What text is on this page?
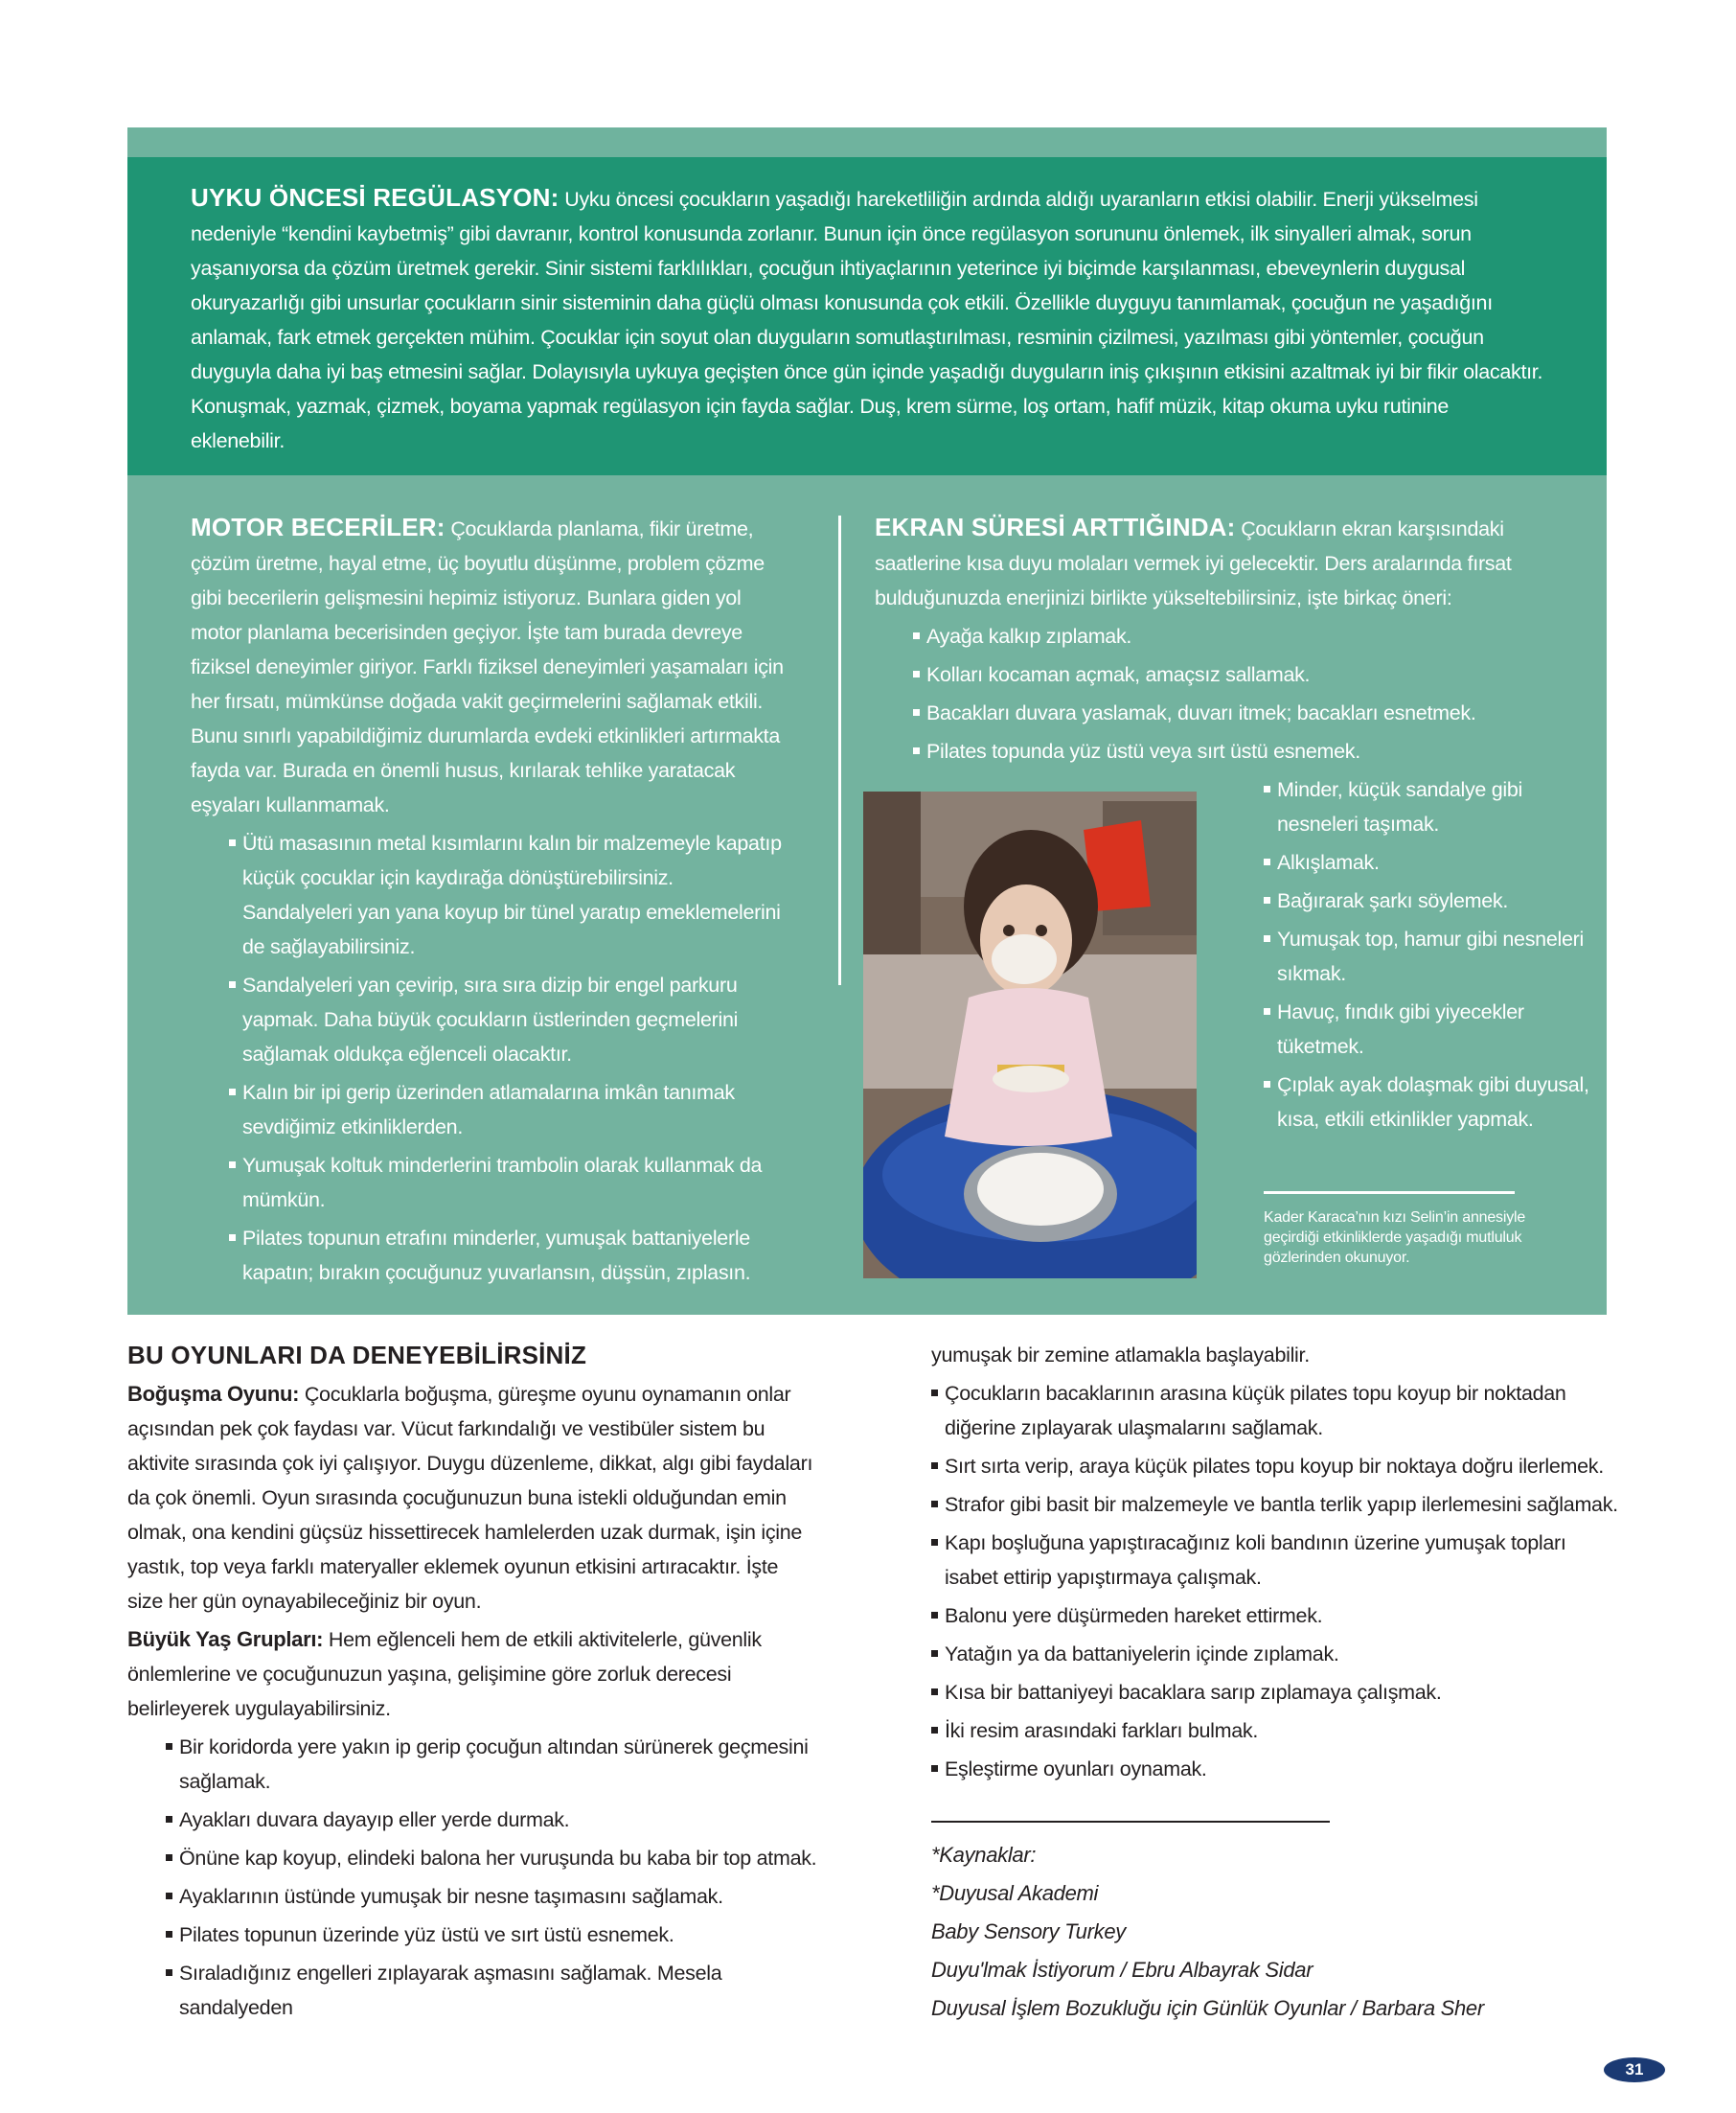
UYKU ÖNCESİ REGÜLASYON: Uyku öncesi çocukların yaşadığı hareketliliğin ardında aldığı uyaranların etkisi olabilir. Enerji yükselmesi nedeniyle “kendini kaybetmiş” gibi davranır, kontrol konusunda zorlanır. Bunun için önce regülasyon sorununu önlemek, ilk sinyalleri almak, sorun yaşanıyorsa da çözüm üretmek gerekir. Sinir sistemi farklılıkları, çocuğun ihtiyaçlarının yeterince iyi biçimde karşılanması, ebeveynlerin duygusal okuryazarlığı gibi unsurlar çocukların sinir sisteminin daha güçlü olması konusunda çok etkili. Özellikle duyguyu tanımlamak, çocuğun ne yaşadığını anlamak, fark etmek gerçekten mühim. Çocuklar için soyut olan duyguların somutlaştırılması, resminin çizilmesi, yazılması gibi yöntemler, çocuğun duyguyla daha iyi baş etmesini sağlar. Dolayısıyla uykuya geçişten önce gün içinde yaşadığı duyguların iniş çıkışının etkisini azaltmak iyi bir fikir olacaktır. Konuşmak, yazmak, çizmek, boyama yapmak regülasyon için fayda sağlar. Duş, krem sürme, loş ortam, hafif müzik, kitap okuma uyku rutinine eklenebilir.

MOTOR BECERİLER: Çocuklarda planlama, fikir üretme, çözüm üretme, hayal etme, üç boyutlu düşünme, problem çözme gibi becerilerin gelişmesini hepimiz istiyoruz. Bunlara giden yol motor planlama becerisinden geçiyor. İşte tam burada devreye fiziksel deneyimler giriyor. Farklı fiziksel deneyimleri yaşamaları için her fırsatı, mümkünse doğada vakit geçirmelerini sağlamak etkili. Bunu sınırlı yapabildiğimiz durumlarda evdeki etkinlikleri artırmakta fayda var. Burada en önemli husus, kırılarak tehlike yaratacak eşyaları kullanmamak.

Ütü masasının metal kısımlarını kalın bir malzemeyle kapatıp küçük çocuklar için kaydırağa dönüştürebilirsiniz. Sandalyeleri yan yana koyup bir tünel yaratıp emeklemelerini de sağlayabilirsiniz.
Sandalyeleri yan çevirip, sıra sıra dizip bir engel parkuru yapmak. Daha büyük çocukların üstlerinden geçmelerini sağlamak oldukça eğlenceli olacaktır.
Kalın bir ipi gerip üzerinden atlamalarına imkân tanımak sevdiğimiz etkinliklerden.
Yumuşak koltuk minderlerini trambolin olarak kullanmak da mümkün.
Pilates topunun etrafını minderler, yumuşak battaniyelerle kapatın; bırakın çocuğunuz yuvarlansın, düşsün, zıplasın.

EKRAN SÜRESİ ARTTIĞINDA: Çocukların ekran karşısındaki saatlerine kısa duyu molaları vermek iyi gelecektir. Ders aralarında fırsat bulduğunuzda enerjinizi birlikte yükseltebilirsiniz, işte birkaç öneri:

Ayağa kalkıp zıplamak.
Kolları kocaman açmak, amaçsız sallamak.
Bacakları duvara yaslamak, duvarı itmek; bacakları esnetmek.
Pilates topunda yüz üstü veya sırt üstü esnemek.
Minder, küçük sandalye gibi nesneleri taşımak.
Alkışlamak.
Bağırarak şarkı söylemek.
Yumuşak top, hamur gibi nesneleri sıkmak.
Havuç, fındık gibi yiyecekler tüketmek.
Çıplak ayak dolaşmak gibi duyusal, kısa, etkili etkinlikler yapmak.

Kader Karaca’nın kızı Selin’in annesiyle geçirdiği etkinliklerde yaşadığı mutluluk gözlerinden okunuyor.

BU OYUNLARI DA DENEYEBİLİRSİNİZ

Boğuşma Oyunu: Çocuklarla boğuşma, güreşme oyunu oynamanın onlar açısından pek çok faydası var. Vücut farkındalığı ve vestibüler sistem bu aktivite sırasında çok iyi çalışıyor. Duygu düzenleme, dikkat, algı gibi faydaları da çok önemli. Oyun sırasında çocuğunuzun buna istekli olduğundan emin olmak, ona kendini güçsüz hissettirecek hamlelerden uzak durmak, işin içine yastık, top veya farklı materyaller eklemek oyunun etkisini artıracaktır. İşte size her gün oynayabileceğiniz bir oyun.

Büyük Yaş Grupları: Hem eğlenceli hem de etkili aktivitelerle, güvenlik önlemlerine ve çocuğunuzun yaşına, gelişimine göre zorluk derecesi belirleyerek uygulayabilirsiniz.

Bir koridorda yere yakın ip gerip çocuğun altından sürünerek geçmesini sağlamak.
Ayakları duvara dayayıp eller yerde durmak.
Önüne kap koyup, elindeki balona her vuruşunda bu kaba bir top atmak.
Ayaklarının üstünde yumuşak bir nesne taşımasını sağlamak.
Pilates topunun üzerinde yüz üstü ve sırt üstü esnemek.
Sıraladığınız engelleri zıplayarak aşmasını sağlamak. Mesela sandalyeden

yumuşak bir zemine atlamakla başlayabilir.

Çocukların bacaklarının arasına küçük pilates topu koyup bir noktadan diğerine zıplayarak ulaşmalarını sağlamak.
Sırt sırta verip, araya küçük pilates topu koyup bir noktaya doğru ilerlemek.
Strafor gibi basit bir malzemeyle ve bantla terlik yapıp ilerlemesini sağlamak.
Kapı boşluğuna yapıştıracağınız koli bandının üzerine yumuşak topları isabet ettirip yapıştırmaya çalışmak.
Balonu yere düşürmeden hareket ettirmek.
Yatağın ya da battaniyelerin içinde zıplamak.
Kısa bir battaniyeyi bacaklara sarıp zıplamaya çalışmak.
İki resim arasındaki farkları bulmak.
Eşleştirme oyunları oynamak.

*Kaynaklar:

*Duyusal Akademi

Baby Sensory Turkey

Duyu'lmak İstiyorum / Ebru Albayrak Sidar

Duyusal İşlem Bozukluğu için Günlük Oyunlar / Barbara Sher

31
